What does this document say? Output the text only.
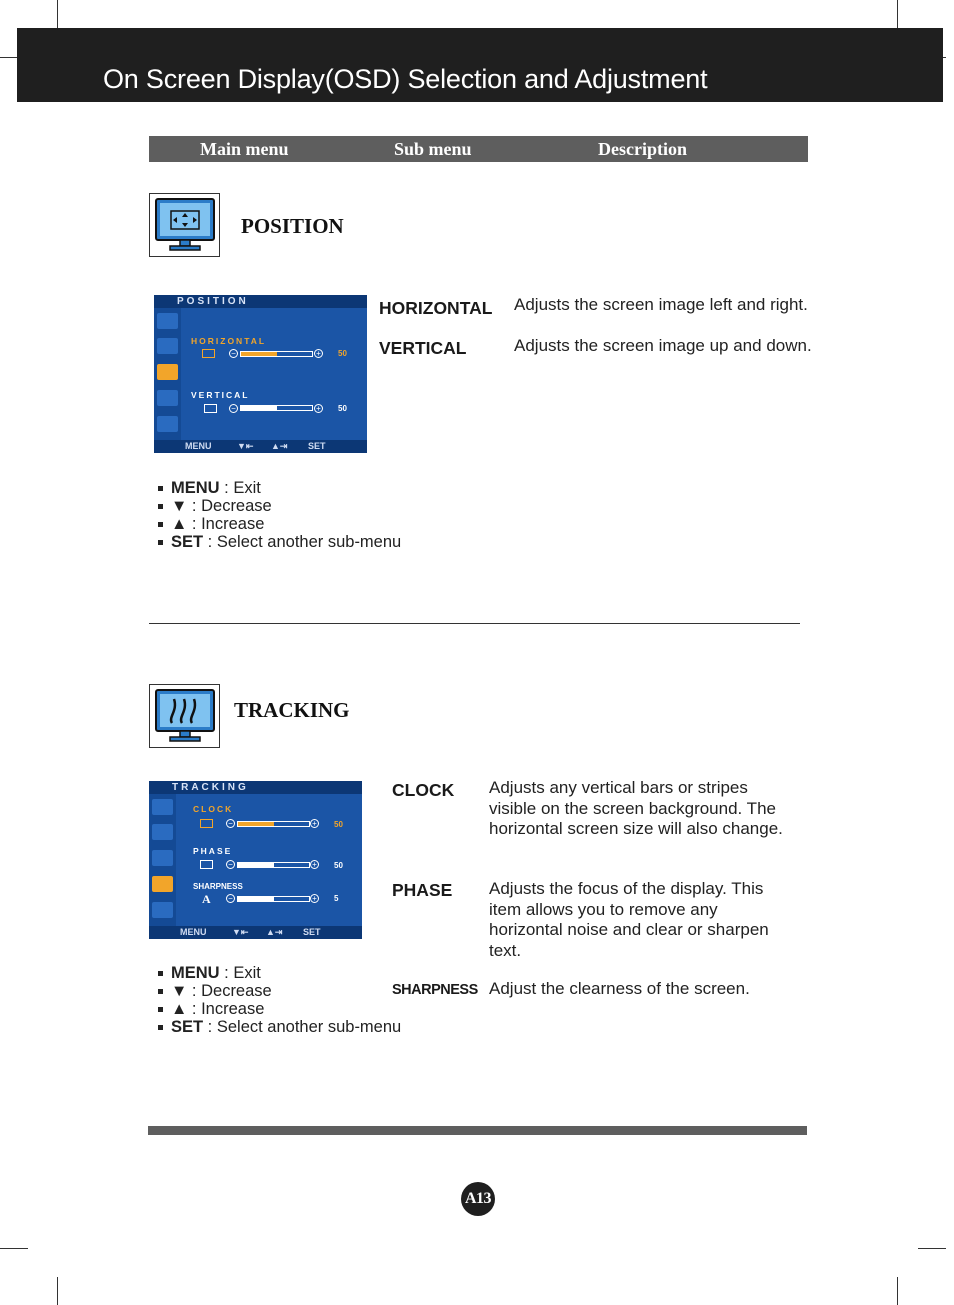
On Screen Display(OSD) Selection and Adjustment
Main menu	Sub menu	Description
POSITION
POSITION
HORIZONTAL
−	+ 50
VERTICAL
−	+ 50
MENU	▼⇤ ▲⇥ SET
HORIZONTAL Adjusts the screen image left and right.
VERTICAL	Adjusts the screen image up and down.
MENU : Exit
▼ : Decrease
▲ : Increase
SET : Select another sub-menu
TRACKING
TRACKING
CLOCK
−	+ 50
PHASE
−	+ 50
SHARPNESS
A −	+ 5
MENU	▼⇤ ▲⇥ SET
CLOCK Adjusts any vertical bars or stripes visible on the screen background. The horizontal screen size will also change.
PHASE Adjusts the focus of the display. This item allows you to remove any horizontal noise and clear or sharpen text.
SHARPNESS Adjust the clearness of the screen.
MENU : Exit
▼ : Decrease
▲ : Increase
SET : Select another sub-menu
A13
